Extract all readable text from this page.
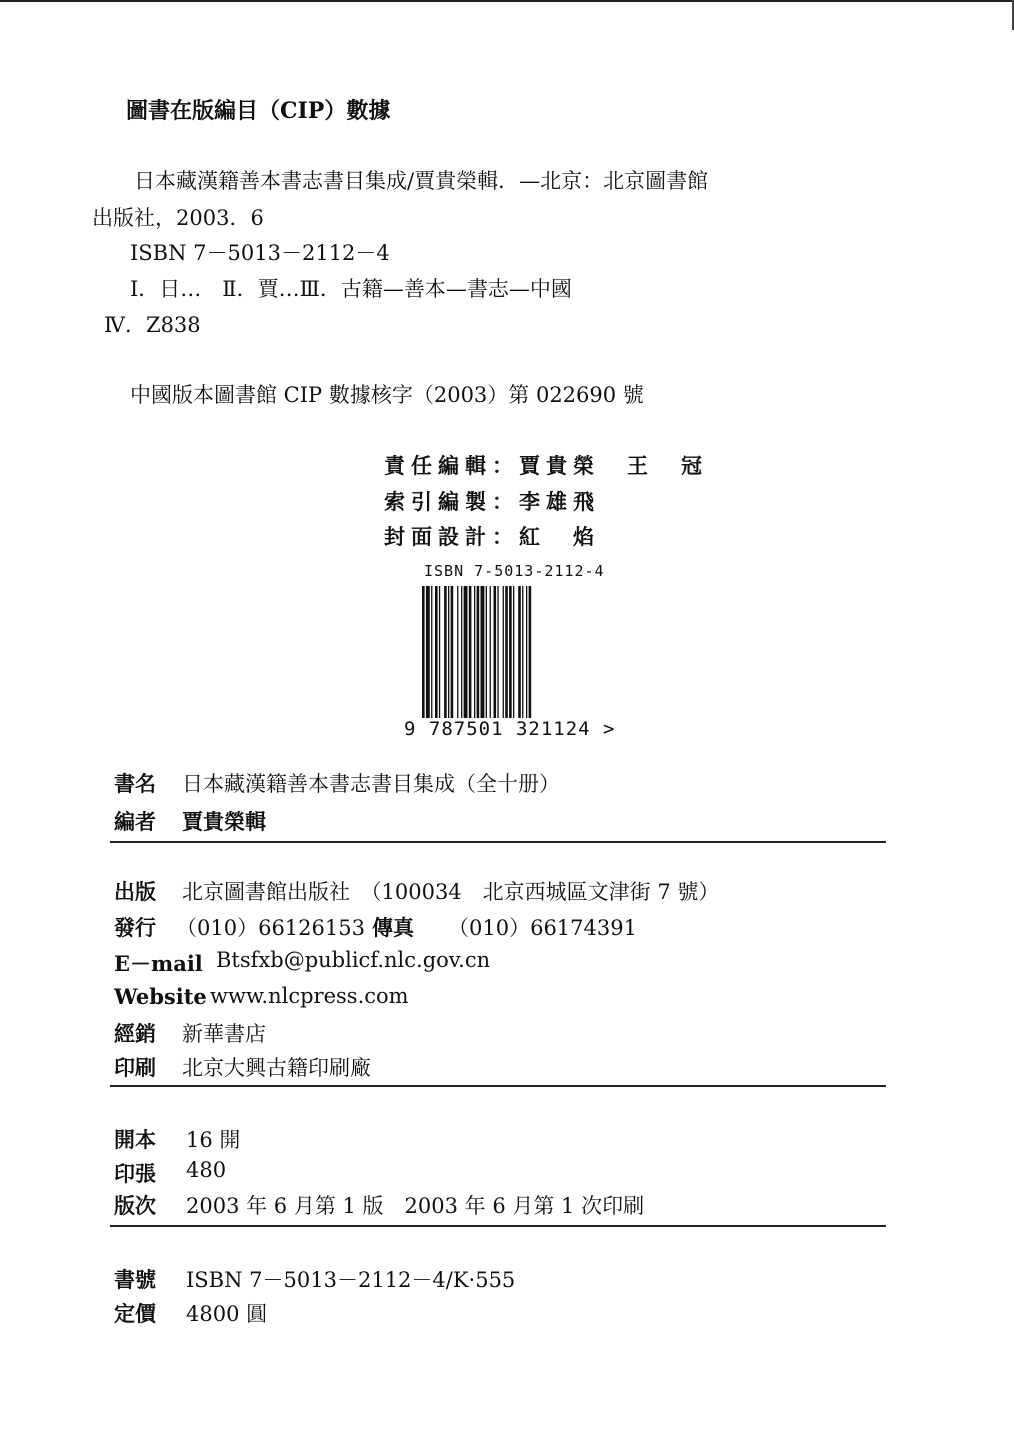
圖書在版編目（CIP）數據
日本藏漢籍善本書志書目集成/賈貴榮輯．—北京：北京圖書館
出版社，2003．6
ISBN 7－5013－2112－4
Ⅰ．日…　Ⅱ．賈…Ⅲ．古籍—善本—書志—中國
Ⅳ．Z838
中國版本圖書館 CIP 數據核字（2003）第 022690 號
責任編輯：賈貴榮　王　冠
索引編製：李雄飛
封面設計：紅　焰
ISBN 7-5013-2112-4
9 787501 321124 >
書名 日本藏漢籍善本書志書目集成（全十册）
編者 賈貴榮輯
出版 北京圖書館出版社　（100034　北京西城區文津街 7 號）
發行 （010）66126153 傳真 （010）66174391
E－mail Btsfxb@publicf.nlc.gov.cn
Website www.nlcpress.com
經銷 新華書店
印刷 北京大興古籍印刷廠
開本 16 開
印張 480
版次 2003 年 6 月第 1 版　2003 年 6 月第 1 次印刷
書號 ISBN 7－5013－2112－4/K·555
定價 4800 圓
